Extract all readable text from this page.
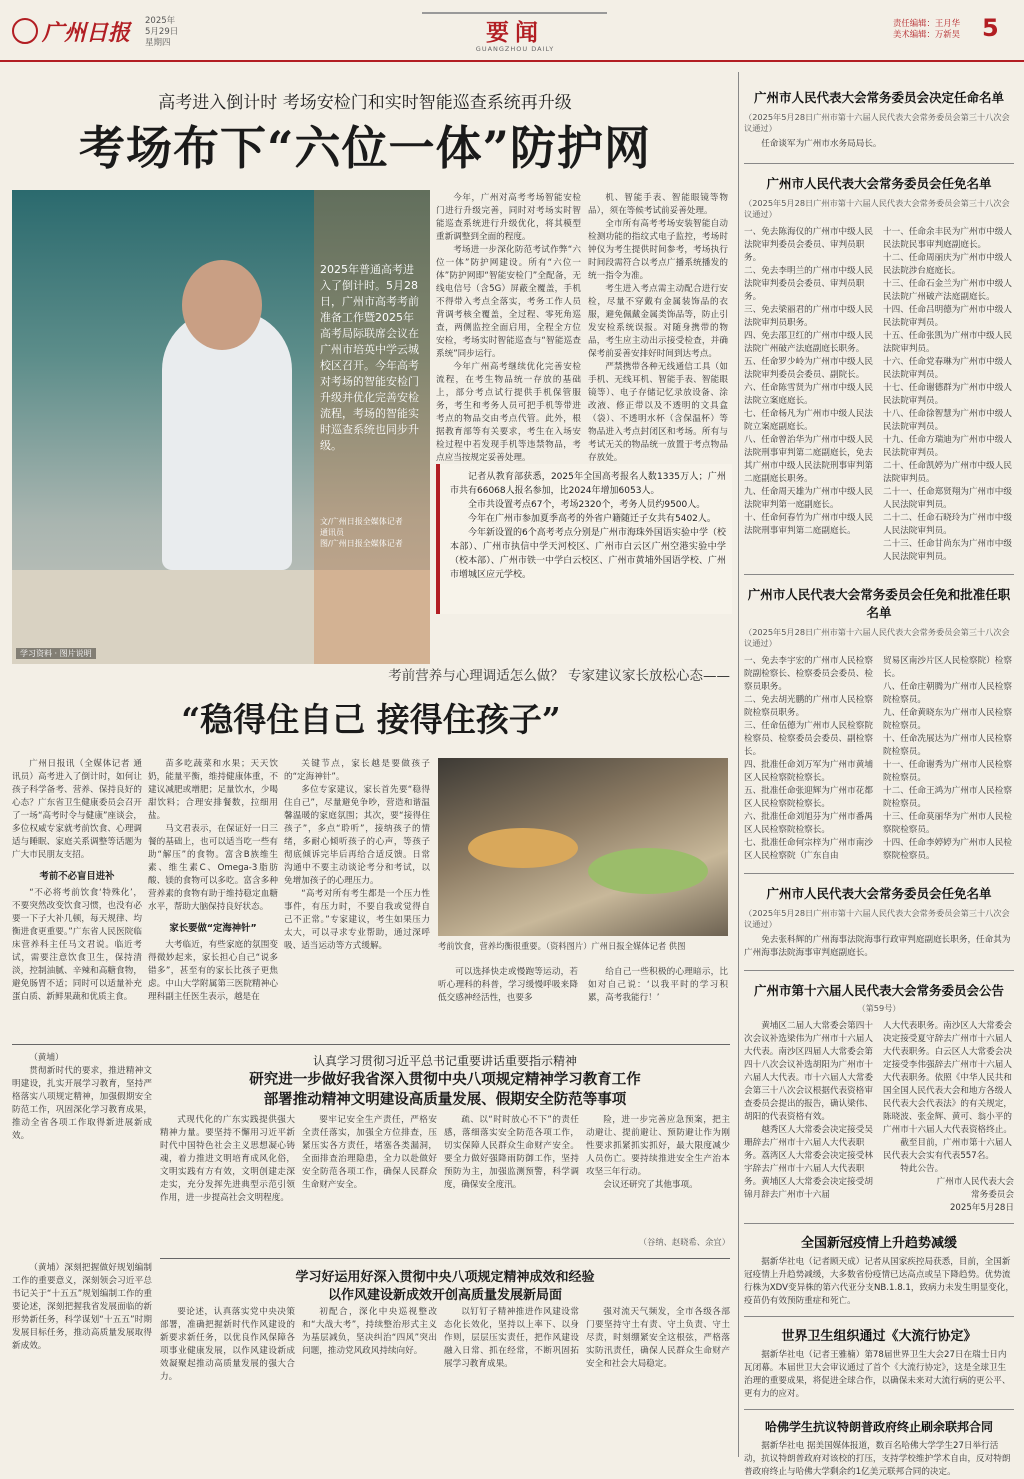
广州日报 2025年
5月29日
星期四	要闻
GUANGZHOU DAILY
责任编辑：王月华
美术编辑：万新昊 5
高考进入倒计时 考场安检门和实时智能巡查系统再升级
考场布下“六位一体”防护网
2025年普通高考进入了倒计时。5月28日，广州市高考考前准备工作暨2025年高考局际联席会议在广州市培英中学云城校区召开。今年高考对考场的智能安检门升级并优化完善安检流程，考场的智能实时巡查系统也同步升级。
文/广州日报全媒体记者
通讯员
图/广州日报全媒体记者
学习资料 · 图片说明

今年，广州对高考考场智能安检门进行升级完善，同时对考场实时智能巡查系统进行升级优化，将其模型重新调整到全面的程度。

考场进一步深化防范考试作弊“六位一体”防护网建设。所有“六位一体”防护网即“智能安检门”全配备，无线电信号（含5G）屏蔽全覆盖，手机不得带入考点全落实，考务工作人员背调考核全覆盖，全过程、零死角巡查，两侧监控全面启用，全程全方位安检，考场实时智能巡查与“智能巡查系统”同步运行。

今年广州高考继续优化完善安检流程，在考生物品统一存放的基础上，部分考点试行提供手机保管服务，考生和考务人员可把手机等带进考点的物品交由考点代管。此外，根据教育部等有关要求，考生在入场安检过程中若发现手机等违禁物品，考点应当按规定妥善处理。

机、智能手表、智能眼镜等物品），须在等候考试前妥善处理。

全市所有高考考场安装智能自动检测功能的指纹式电子监控，考场时钟仪为考生提供时间参考，考场执行时间段需符合以考点广播系统播发的统一指令为准。

考生进入考点需主动配合进行安检，尽量不穿戴有金属装饰品的衣服，避免佩戴金属类饰品等，防止引发安检系统误报。对随身携带的物品，考生应主动出示接受检查，并确保考前妥善安排好时间到达考点。

严禁携带各种无线通信工具（如手机、无线耳机、智能手表、智能眼镜等）、电子存储记忆录放设备、涂改液、修正带以及不透明的文具盒（袋）、不透明水杯（含保温杯）等物品进入考点封闭区和考场。所有与考试无关的物品统一放置于考点物品存放处。

记者从教育部获悉，2025年全国高考报名人数1335万人；广州市共有66068人报名参加，比2024年增加6053人。

全市共设置考点67个，考场2320个，考务人员约9500人。

今年在广州市参加夏季高考的外省户籍随迁子女共有5402人。

今年新设置的6个高考考点分别是广州市海珠外国语实验中学（校本部）、广州市执信中学天河校区、广州市白云区广州空港实验中学（校本部）、广州市铁一中学白云校区、广州市黄埔外国语学校、广州市增城区应元学校。

考前营养与心理调适怎么做？ 专家建议家长放松心态——
“稳得住自己 接得住孩子”

广州日报讯（全媒体记者 通讯员）高考进入了倒计时，如何让孩子科学备考、营养、保持良好的心态？广东省卫生健康委员会召开了一场“高考时令与健康”座谈会，多位权威专家就考前饮食、心理调适与睡眠、家庭关系调整等话题为广大市民朋友支招。

考前不必盲目进补

“不必将考前饮食‘特殊化’，不要突然改变饮食习惯，也没有必要一下子大补几顿，每天规律、均衡进食更重要。”广东省人民医院临床营养科主任马文君说。临近考试，需要注意饮食卫生，保持清淡，控制油腻、辛辣和高糖食物，避免肠胃不适；同时可以适量补充蛋白质、新鲜果蔬和优质主食。

苗多吃蔬菜和水果；天天饮奶，能量平衡，维持健康体重，不建议减肥或增肥；足量饮水，少喝甜饮料；合理安排餐数，拉细用盐。

马文君表示，在保证好一日三餐的基础上，也可以适当吃一些有助“解压”的食物。富含B族维生素、维生素C、Omega-3脂肪酸、镁的食物可以多吃。富含多种营养素的食物有助于维持稳定血糖水平，帮助大脑保持良好状态。

家长要做“定海神针”

大考临近，有些家庭的氛围变得微妙起来，家长担心自己“说多错多”，甚至有的家长比孩子更焦虑。中山大学附属第三医院精神心理科副主任医生表示，越是在

关键节点，家长越是要做孩子的“定海神针”。

多位专家建议，家长首先要“稳得住自己”，尽量避免争吵，营造和谐温馨温暖的家庭氛围；其次，要“接得住孩子”，多点“聆听”，接纳孩子的情绪，多耐心倾听孩子的心声，等孩子彻底倾诉完毕后再给合适反馈。日常沟通中不要主动谈论考分和考试，以免增加孩子的心理压力。

“高考对所有考生都是一个压力性事件，有压力时，不要自我或觉得自己不正常。”专家建议，考生如果压力太大，可以寻求专业帮助，通过深呼吸、适当运动等方式缓解。	考前饮食，营养均衡很重要。（资料图片）广州日报全媒体记者 供图

可以选择快走或慢跑等运动，若听心理科的科普，学习缓慢呼吸来降低交感神经活性，也要多

给自己一些积极的心理暗示，比如对自己说：‘以我平时的学习积累，高考我能行！’

（黄埔）

贯彻新时代的要求，推进精神文明建设，扎实开展学习教育，坚持严格落实八项规定精神，加强假期安全防范工作，巩固深化学习教育成果，推动全省各项工作取得新进展新成效。

认真学习贯彻习近平总书记重要讲话重要指示精神
研究进一步做好我省深入贯彻中央八项规定精神学习教育工作
部署推动精神文明建设高质量发展、假期安全防范等事项

式现代化的广东实践提供强大精神力量。要坚持不懈用习近平新时代中国特色社会主义思想凝心铸魂，着力推进文明培育成风化俗，文明实践有方有效，文明创建走深走实，充分发挥先进典型示范引领作用，进一步提高社会文明程度。

要牢记安全生产责任，严格安全责任落实，加强全方位排查，压紧压实各方责任，堵塞各类漏洞，全面排查治理隐患，全力以赴做好安全防范各项工作，确保人民群众生命财产安全。

疏、以“时时放心不下”的责任感，落细落实安全防范各项工作，切实保障人民群众生命财产安全。要全力做好强降雨防御工作，坚持预防为主，加强监测预警，科学调度，确保安全度汛。

险，进一步完善应急预案，把主动避让、提前避让、预防避让作为刚性要求抓紧抓实抓好，最大限度减少人员伤亡。要持续推进安全生产治本攻坚三年行动。

会议还研究了其他事项。

（谷纳、赵晓希、余宜）

（黄埔）深刻把握做好规划编制工作的重要意义，深刻领会习近平总书记关于“十五五”规划编制工作的重要论述，深刻把握我省发展面临的新形势新任务，科学谋划“十五五”时期发展目标任务，推动高质量发展取得新成效。

学习好运用好深入贯彻中央八项规定精神成效和经验
以作风建设新成效开创高质量发展新局面

要论述，认真落实党中央决策部署，准确把握新时代作风建设的新要求新任务，以优良作风保障各项事业健康发展，以作风建设新成效凝聚起推动高质量发展的强大合力。

初配合，深化中央巡视整改和“大战大考”，持续整治形式主义为基层减负，坚决纠治“四风”突出问题，推动党风政风持续向好。

以钉钉子精神推进作风建设常态化长效化，坚持以上率下、以身作则，层层压实责任，把作风建设融入日常、抓在经常，不断巩固拓展学习教育成果。

强对流天气频发，全市各级各部门要坚持守土有责、守土负责、守土尽责，时刻绷紧安全这根弦，严格落实防汛责任，确保人民群众生命财产安全和社会大局稳定。

广州市人民代表大会常务委员会决定任命名单
（2025年5月28日广州市第十六届人民代表大会常务委员会第三十八次会议通过）
任命谈军为广州市水务局局长。
广州市人民代表大会常务委员会任免名单
（2025年5月28日广州市第十六届人民代表大会常务委员会第三十八次会议通过）
一、免去陈海仪的广州市中级人民法院审判委员会委员、审判员职务。
二、免去李明兰的广州市中级人民法院审判委员会委员、审判员职务。
三、免去梁丽君的广州市中级人民法院审判员职务。
四、免去邵卫红的广州市中级人民法院广州破产法庭副庭长职务。
五、任命罗少岭为广州市中级人民法院审判委员会委员、副院长。
六、任命陈雪贤为广州市中级人民法院立案庭庭长。
七、任命杨凡为广州市中级人民法院立案庭副庭长。
八、任命曾治华为广州市中级人民法院刑事审判第二庭副庭长，免去其广州市中级人民法院刑事审判第二庭副庭长职务。
九、任命周天雄为广州市中级人民法院审判第一庭副庭长。
十、任命何春竹为广州市中级人民法院刑事审判第二庭副庭长。
十一、任命余丰民为广州市中级人民法院民事审判庭副庭长。
十二、任命周丽庆为广州市中级人民法院涉台庭庭长。
十三、任命石金兰为广州市中级人民法院广州破产法庭副庭长。
十四、任命吕明德为广州市中级人民法院审判员。
十五、任命张凯为广州市中级人民法院审判员。
十六、任命党春琳为广州市中级人民法院审判员。
十七、任命谢德群为广州市中级人民法院审判员。
十八、任命徐智慧为广州市中级人民法院审判员。
十九、任命方瑞迪为广州市中级人民法院审判员。
二十、任命凯婷为广州市中级人民法院审判员。
二十一、任命郑贤翔为广州市中级人民法院审判员。
二十二、任命石晓玲为广州市中级人民法院审判员。
二十三、任命甘尚东为广州市中级人民法院审判员。
广州市人民代表大会常务委员会任免和批准任职名单
（2025年5月28日广州市第十六届人民代表大会常务委员会第三十八次会议通过）
一、免去李宇宏的广州市人民检察院副检察长、检察委员会委员、检察员职务。
二、免去胡光鹏的广州市人民检察院检察员职务。
三、任命伍德为广州市人民检察院检察员、检察委员会委员、副检察长。
四、批准任命刘万军为广州市黄埔区人民检察院检察长。
五、批准任命张迎辉为广州市花都区人民检察院检察长。
六、批准任命刘旭芬为广州市番禺区人民检察院检察长。
七、批准任命何宗梓为广州市南沙区人民检察院（广东自由
贸易区南沙片区人民检察院）检察长。
八、任命庄朝腾为广州市人民检察院检察员。
九、任命黄晓东为广州市人民检察院检察员。
十、任命冼展达为广州市人民检察院检察员。
十一、任命谢秀为广州市人民检察院检察员。
十二、任命王鸿为广州市人民检察院检察员。
十三、任命莫丽华为广州市人民检察院检察员。
十四、任命李婷婷为广州市人民检察院检察员。
广州市人民代表大会常务委员会任免名单
（2025年5月28日广州市第十六届人民代表大会常务委员会第三十八次会议通过）
免去张科辉的广州海事法院海事行政审判庭副庭长职务，任命其为广州海事法院海事审判庭副庭长。
广州市第十六届人民代表大会常务委员会公告
（第59号）
黄埔区二届人大常委会第四十次会议补选梁伟为广州市十六届人大代表。南沙区四届人大常委会第四十八次会议补选胡阳为广州市十六届人大代表。市十六届人大常委会第三十八次会议根据代表资格审查委员会提出的报告，确认梁伟、胡阳的代表资格有效。
越秀区人大常委会决定接受吴珊辞去广州市十六届人大代表职务。荔湾区人大常委会决定接受林宇辞去广州市十六届人大代表职务。黄埔区人大常委会决定接受胡锦月辞去广州市十六届
人大代表职务。南沙区人大常委会决定接受夏守辞去广州市十六届人大代表职务。白云区人大常委会决定接受李伟强辞去广州市十六届人大代表职务。依照《中华人民共和国全国人民代表大会和地方各级人民代表大会代表法》的有关规定，陈晓波、张金辉、黄可、翁小平的广州市十六届人大代表资格终止。
截至目前，广州市第十六届人民代表大会实有代表557名。
特此公告。
广州市人民代表大会
常务委员会
2025年5月28日
全国新冠疫情上升趋势减缓
据新华社电（记者顾天成）记者从国家疾控局获悉，目前，全国新冠疫情上升趋势减缓，大多数省份疫情已达高点或呈下降趋势。优势流行株为XDV变异株的第六代亚分支NB.1.8.1，致病力未发生明显变化，疫苗仍有效预防重症和死亡。
世界卫生组织通过《大流行协定》
据新华社电（记者王雅楠）第78届世界卫生大会27日在瑞士日内瓦闭幕。本届世卫大会审议通过了首个《大流行协定》，这是全球卫生治理的重要成果，将促进全球合作，以确保未来对大流行病的更公平、更有力的应对。
哈佛学生抗议特朗普政府终止刷余联邦合同
据新华社电 据美国媒体报道，数百名哈佛大学学生27日举行活动，抗议特朗普政府对该校的打压，支持学校维护学术自由，反对特朗普政府终止与哈佛大学剩余约1亿美元联邦合同的决定。
